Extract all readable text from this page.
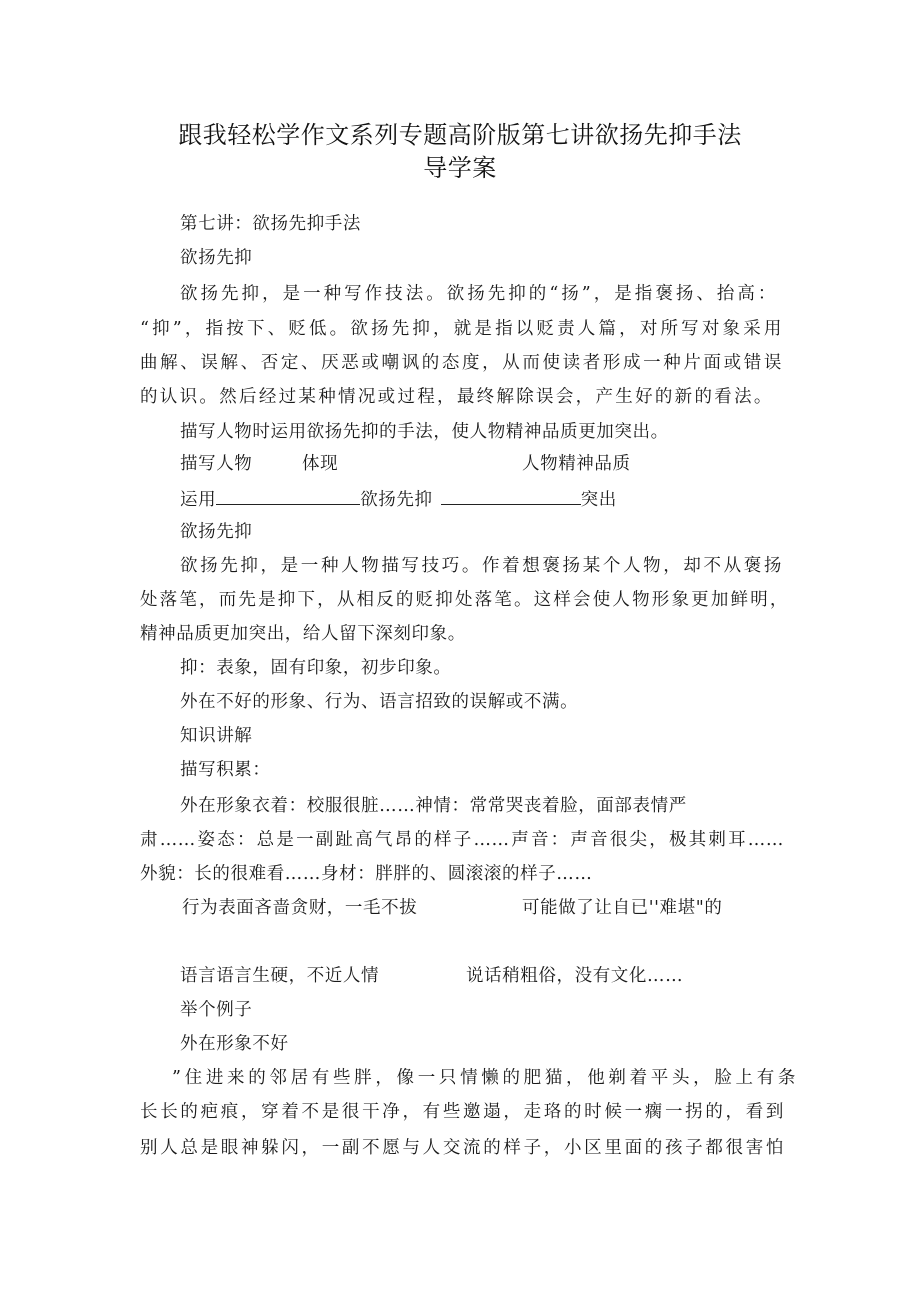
跟我轻松学作文系列专题高阶版第七讲欲扬先抑手法
导学案
第七讲：欲扬先抑手法
欲扬先抑
欲扬先抑，是一种写作技法。欲扬先抑的“扬”，是指褒扬、抬高：
“抑”，指按下、贬低。欲扬先抑，就是指以贬责人篇，对所写对象采用
曲解、误解、否定、厌恶或嘲讽的态度，从而使读者形成一种片面或错误
的认识。然后经过某种情况或过程，最终解除误会，产生好的新的看法。
描写人物时运用欲扬先抑的手法，使人物精神品质更加突出。
描写人物	体现	人物精神品质
运用	欲扬先抑	突出
欲扬先抑
欲扬先抑，是一种人物描写技巧。作着想褒扬某个人物，却不从褒扬
处落笔，而先是抑下，从相反的贬抑处落笔。这样会使人物形象更加鲜明，
精神品质更加突出，给人留下深刻印象。
抑：表象，固有印象，初步印象。
外在不好的形象、行为、语言招致的误解或不满。
知识讲解
描写积累：
外在形象衣着：校服很脏……神情：常常哭丧着脸，面部表情严
肃……姿态：总是一副趾高气昂的样子……声音：声音很尖，极其刺耳……
外貌：长的很难看……身材：胖胖的、圆滚滚的样子……
行为表面吝啬贪财，一毛不拔	可能做了让自已''难堪"的
语言语言生硬，不近人情	说话稍粗俗，没有文化……
举个例子
外在形象不好
”住进来的邻居有些胖，像一只情懒的肥猫，他剃着平头，脸上有条
长长的疤痕，穿着不是很干净，有些邀遢，走珞的时候一瘸一拐的，看到
别人总是眼神躲闪，一副不愿与人交流的样子，小区里面的孩子都很害怕
